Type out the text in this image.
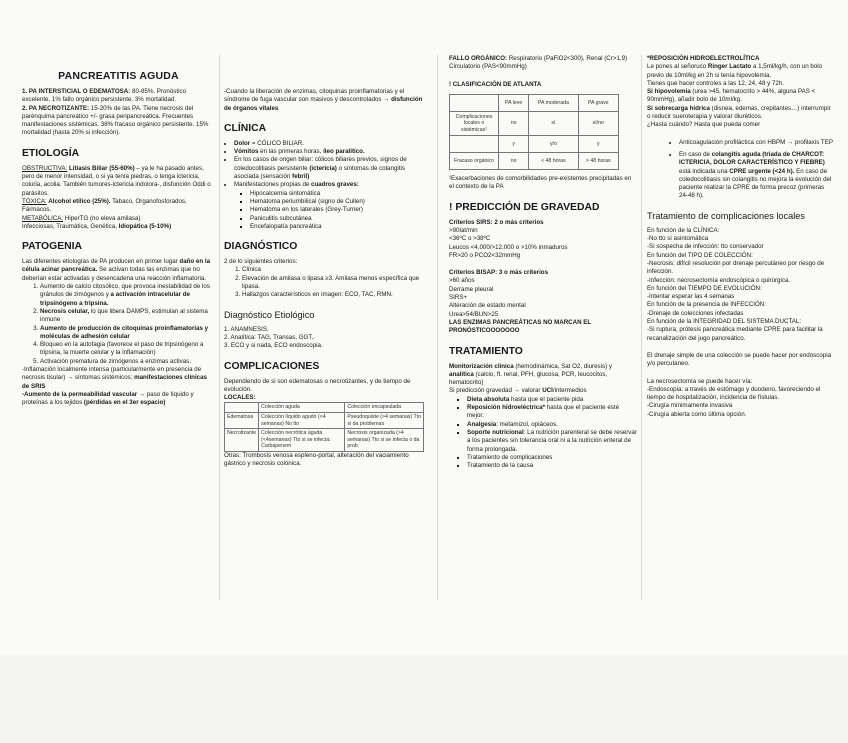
PANCREATITIS AGUDA

1. PA INTERSTICIAL O EDEMATOSA: 80-85%. Pronóstico excelente. 1% fallo orgánico persistente. 3% mortalidad.

2. PA NECROTIZANTE: 15-20% de las PA. Tiene necrosis del parénquima pancreático +/- grasa peripancreática. Frecuentes manifestaciones sistémicas. 38% fracaso orgánico persistente. 15% mortalidad (hasta 20% si infección).

ETIOLOGÍA

OBSTRUCTIVA: Litiasis Biliar (55-60%) – ya le ha pasado antes, pero de menor intensidad, o si ya tenía piedras, o tenga ictericia, coluria, acolia. También tumores-ictericia indolora-, disfunción Oddi o parásitos.

TÓXICA: Alcohol etílico (25%). Tabaco, Organofosforados, Fármacos.

METABÓLICA: HiperTG (no eleva amilasa)

Infecciosas, Traumática, Genética, Idiopática (5-10%)

PATOGENIA

Las diferentes etiologías de PA producen en primer lugar daño en la célula acinar pancreática. Se activan todas las enzimas que no deberían estar activadas y desencadena una reacción inflamatoria.

1. Aumento de calcio citosólico, que provoca inestabilidad de los gránulos de zimógenos y a activación intracelular de tripsinógeno a tripsina.
2. Necrosis celular, lo que libera DAMPS, estimulan al sistema inmune
3. Aumento de producción de citoquinas proinflamatorias y moléculas de adhesión celular
4. Bloqueo en la autofagia (favorece el paso de tripsinógeno a tripsina, la muerte celular y la inflamación)
5. Activación prematura de zimógenos a enzimas activas.

-Inflamación localmente intensa (particularmente en presencia de necrosis tisular) → síntomas sistémicos: manifestaciones clínicas de SRIS

-Aumento de la permeabilidad vascular → paso de líquido y proteínas a los tejidos (pérdidas en el 3er espacio)

-Cuando la liberación de enzimas, citoquinas proinflamatorias y el síndrome de fuga vascular son masivos y descontrolados → disfunción de órganos vitales

CLÍNICA
• Dolor = CÓLICO BILIAR.
• Vómitos en las primeras horas, íleo paralítico.
• En los casos de origen biliar: cólicos biliares previos, signos de coledocolitiasis persistente (ictericia) o síntomas de colangitis asociada (sensación febril)
• Manifestaciones propias de cuadros graves:
▪ Hipocalcemia sintomática
▪ Hematoma periumbilical (signo de Cullen)
▪ Hematoma en los laterales (Grey-Turner)
▪ Paniculitis subcutánea
▪ Encefalopatía pancreática
DIAGNÓSTICO

2 de lo siguientes criterios:

1. Clínica
2. Elevación de amilasa o lipasa ≥3. Amilasa menos específica que lipasa.
3. Hallazgos característicos en imagen: ECO, TAC, RMN.
Diagnóstico Etiológico

1. ANAMNESIS.

2. Analítica: TAG, Transas, GGT..

3. ECO y si nada, ECO endoscopia.

COMPLICACIONES

Dependiendo de si son edematosas o necrotizantes, y de tiempo de evolución.

LOCALES:

	Colección aguda	Colección encapsulada
Edematosa	Colección líquido agudo (<4 semanas) No tto	Pseudoquiste (>4 semanas) Tto si da problemas
Necrotizante	Colección necrótica aguda (<4semanas) Tto si se infecta: Carbapenem	Necrosis organizada (>4 semanas) Tto si se infecta o da prob

Otras: Trombosis venosa espleno-portal, alteración del vaciamiento gástrico y necrosis colónica.

FALLO ORGÁNICO: Respiratorio (PaFiO2<300), Renal (Cr>1,9) Circulatorio (PAS<90mmHg)

! CLASIFICACIÓN DE ATLANTA

	PA leve	PA moderada	PA grave
Complicaciones locales o sistémicas¹	no	sí	sí/no
	y	y/o	y
Fracaso orgánico	no	< 48 horas	> 48 horas

¹Exacerbaciones de comorbilidades pre-existentes precipitadas en el contexto de la PA

! PREDICCIÓN DE GRAVEDAD

Criterios SIRS: 2 o más criterios

>90lat/min

<36ºC o >38ºC

Leucos <4.000/>12.000 o >10% inmaduros

FR>20 o PCO2<32mmHg

Criterios BISAP: 3 o más criterios

>60 años

Derrame pleural

SIRS+

Alteración de estado mental

Urea>54/BUN>25

LAS ENZIMAS PANCREÁTICAS NO MARCAN EL PRONÓSTICOOOOOOO

TRATAMIENTO

Monitorización clínica (hemodinámica, Sat O2, diuresis) y analítica (calcio, ft. renal, PFH, glucosa, PCR, leucocitos, hematocrito)

Si predicción gravedad → valorar UCI/intermedios

▪ Dieta absoluta hasta que el paciente pida
▪ Reposición hidroeléctrica* hasta que el paciente esté mejor.
▪ Analgesia: metamizol, opiáceos.
▪ Soporte nutricional: La nutrición parenteral se debe reservar a los pacientes sin tolerancia oral ni a la nutrición enteral de forma prolongada.
▪ Tratamiento de complicaciones
▪ Tratamiento de la causa

*REPOSICIÓN HIDROELECTROLÍTICA

Le pones al señoruco Ringer Lactato a 1,5ml/kg/h, con un bolo previo de 10ml/kg en 2h si tenía hipovolemia.

Tienes que hacer controles a las 12, 24, 48 y 72h.

Si hipovolemia (urea >45, hematocrito > 44%, alguna PAS < 90mmHg), añadir bolo de 10ml/kg.

Si sobrecarga hídrica (disnea, edemas, crepitantes…) interrumpir o reducir sueroterapia y valorar diuréticos.

¿Hasta cuándo? Hasta que pueda comer

• Anticoagulación profiláctica con HBPM → profilaxis TEP
• En caso de colangitis aguda (triada de CHARCOT: ICTERICIA, DOLOR CARACTERÍSTICO Y FIEBRE) está indicada una CPRE urgente (<24 h). En caso de coledocolitiasis sin colangitis no mejora la evolución del paciente realizar la CPRE de forma precoz (primeras 24-48 h).
Tratamiento de complicaciones locales

En función de la CLÍNICA:

-No tto si asintomática

-Si sospecha de infección: tto conservador

En función del TIPO DE COLECCIÓN:

-Necrosis: difícil resolución por drenaje percutáneo por riesgo de infección.

-Infección: necrosectomía endoscópica o quirúrgica.

En función del TIEMPO DE EVOLUCIÓN:

-Intentar esperar las 4 semanas

En función de la presencia de INFECCIÓN:

-Drenaje de colecciones infectadas

En función de la INTEGRIDAD DEL SISTEMA DUCTAL:

-Si ruptura, prótesis pancreática mediante CPRE para facilitar la recanalización del jugo pancreático.

El drenaje simple de una colección se puede hacer por endoscopia y/o percutaneo.

La necrosectomía se puede hacer vía:

-Endoscopia: a través de estómago y duodeno, favoreciendo el tiempo de hospitalización, incidencia de fístulas.

-Cirugía mínimamente invasiva

-Cirugía abierta como última opción.
